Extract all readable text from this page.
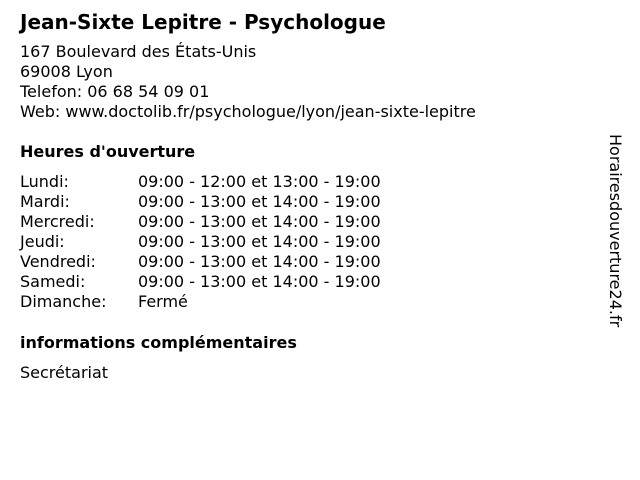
Jean-Sixte Lepitre - Psychologue
167 Boulevard des États-Unis
69008 Lyon
Telefon: 06 68 54 09 01
Web: www.doctolib.fr/psychologue/lyon/jean-sixte-lepitre
Heures d'ouverture
Lundi:	09:00 - 12:00 et 13:00 - 19:00
Mardi:	09:00 - 13:00 et 14:00 - 19:00
Mercredi:	09:00 - 13:00 et 14:00 - 19:00
Jeudi:	09:00 - 13:00 et 14:00 - 19:00
Vendredi:	09:00 - 13:00 et 14:00 - 19:00
Samedi:	09:00 - 13:00 et 14:00 - 19:00
Dimanche:	Fermé
informations complémentaires
Secrétariat
Horairesdouverture24.fr
